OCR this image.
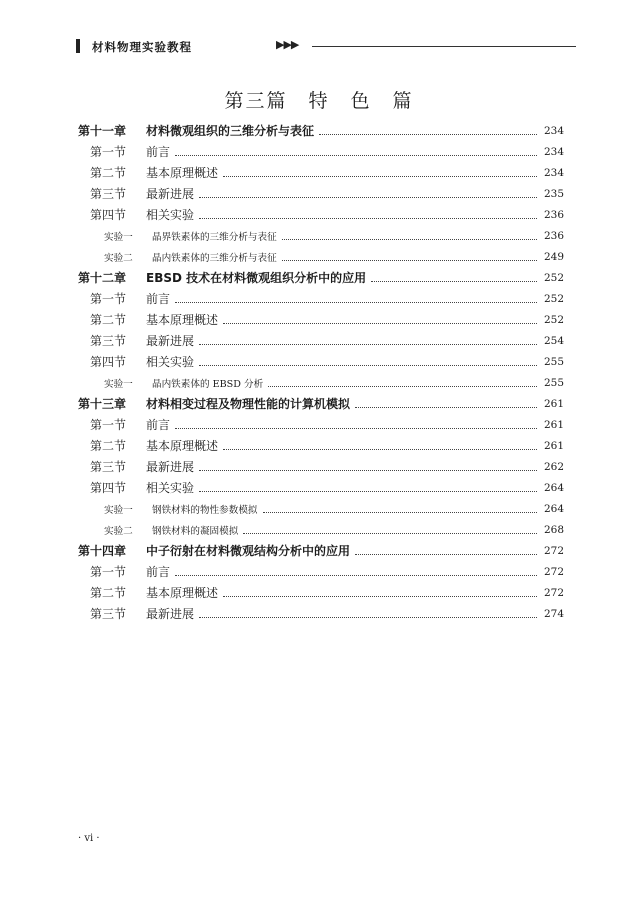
材料物理实验教程	▶▶▶
第三篇　特　色　篇
第十一章 材料微观组织的三维分析与表征	234
第一节 前言	234
第二节 基本原理概述	234
第三节 最新进展	235
第四节 相关实验	236
实验一 晶界铁素体的三维分析与表征	236
实验二 晶内铁素体的三维分析与表征	249
第十二章 EBSD 技术在材料微观组织分析中的应用	252
第一节 前言	252
第二节 基本原理概述	252
第三节 最新进展	254
第四节 相关实验	255
实验一 晶内铁素体的 EBSD 分析	255
第十三章 材料相变过程及物理性能的计算机模拟	261
第一节 前言	261
第二节 基本原理概述	261
第三节 最新进展	262
第四节 相关实验	264
实验一 钢铁材料的物性参数模拟	264
实验二 钢铁材料的凝固模拟	268
第十四章 中子衍射在材料微观结构分析中的应用	272
第一节 前言	272
第二节 基本原理概述	272
第三节 最新进展	274
· vi ·
